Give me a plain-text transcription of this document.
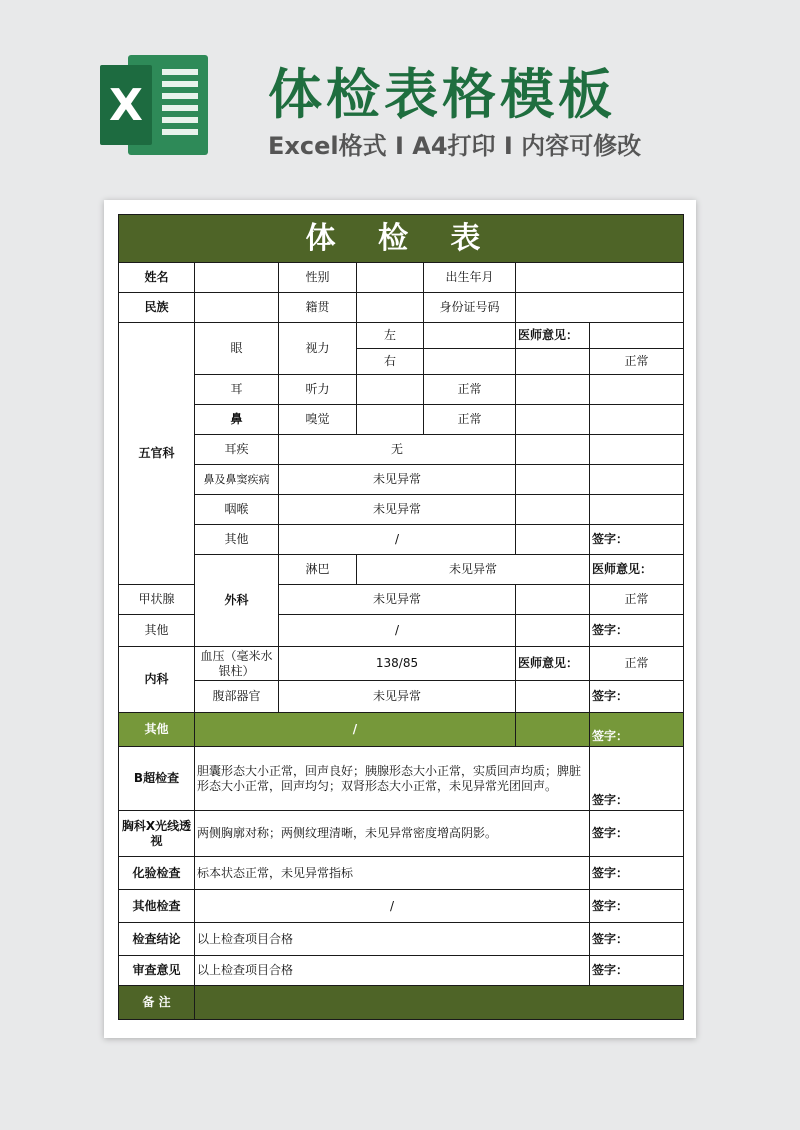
X 体检表格模板
Excel格式 I A4打印 I 内容可修改
体 检 表							
姓名		性别		出生年月			
民族		籍贯		身份证号码			
五官科	眼	视力	左		医师意见：		
			右			正常	
	耳	听力		正常			
	鼻	嗅觉		正常			
	耳疾	无					
	鼻及鼻窦疾病	未见异常					
	咽喉	未见异常					
	其他	/				签字：	
	外科	淋巴	未见异常			医师意见：	
甲状腺		未见异常				正常	
其他		/				签字：	
内科	血压（毫米水银柱）	138/85			医师意见：	正常	
	腹部器官	未见异常				签字：	
其他	/					签字：	
B超检查	胆囊形态大小正常，回声良好；胰腺形态大小正常，实质回声均质；脾脏形态大小正常，回声均匀；双肾形态大小正常，未见异常光团回声。					签字：	
胸科X光线透视	两侧胸廓对称；两侧纹理清晰，未见异常密度增高阴影。					签字：	
化验检查	标本状态正常，未见异常指标					签字：	
其他检查	/					签字：	
检查结论	以上检查项目合格					签字：	
审查意见	以上检查项目合格					签字：	
备 注							
